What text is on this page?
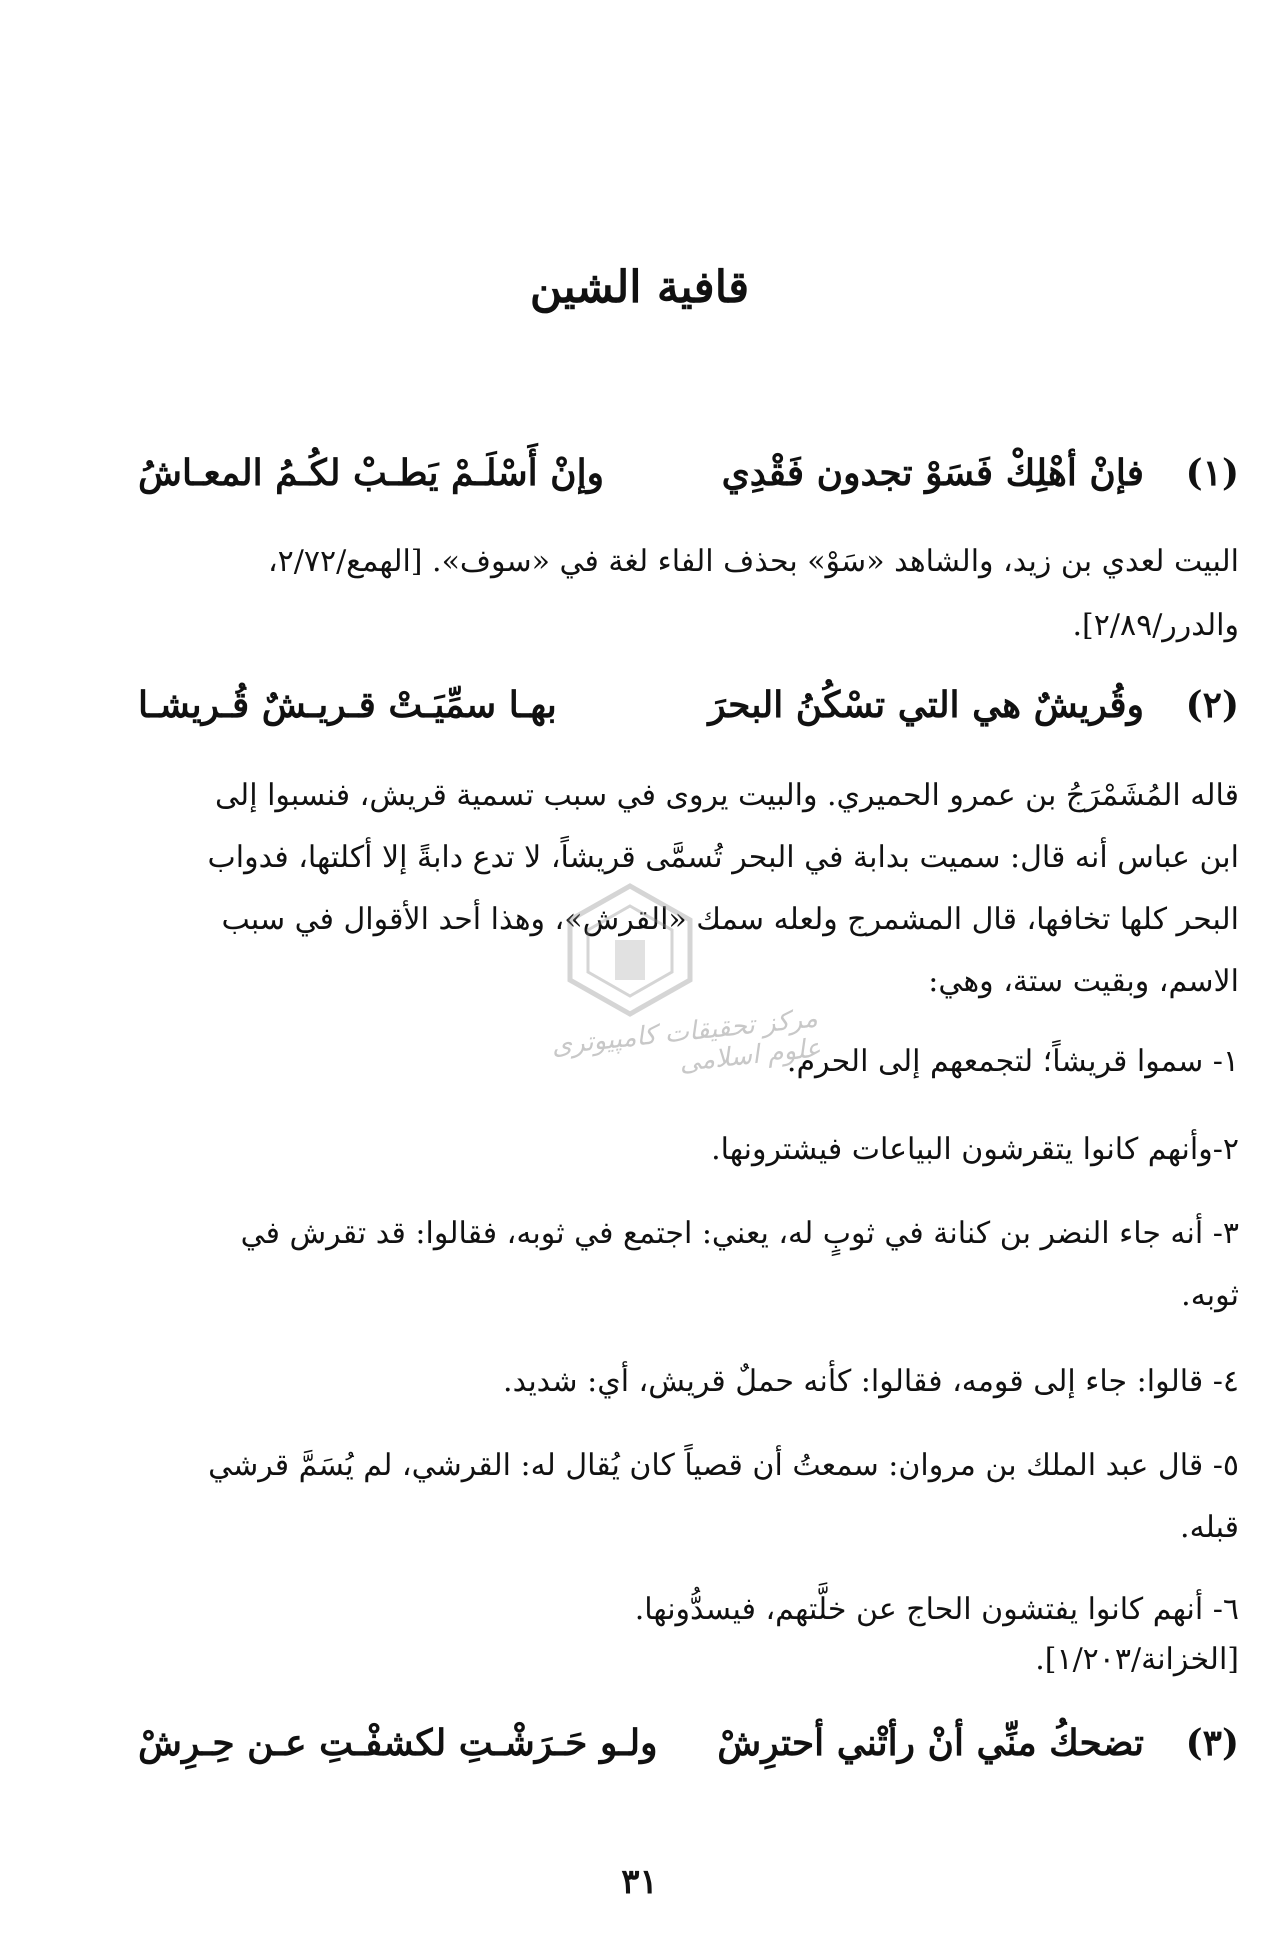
قافية الشين
(١)
فإنْ أهْلِكْ فَسَوْ تجدون فَقْدِي
وإنْ أَسْلَـمْ يَطـبْ لكُـمُ المعـاشُ
البيت لعدي بن زيد، والشاهد «سَوْ» بحذف الفاء لغة في «سوف». [الهمع/٢/٧٢،
والدرر/٢/٨٩].
(٢)
وقُريشٌ هي التي تسْكُنُ البحرَ
بهـا سمِّيَـتْ قـريـشٌ قُـريشـا
قاله المُشَمْرَجُ بن عمرو الحميري. والبيت يروى في سبب تسمية قريش، فنسبوا إلى
ابن عباس أنه قال: سميت بدابة في البحر تُسمَّى قريشاً، لا تدع دابةً إلا أكلتها، فدواب
البحر كلها تخافها، قال المشمرج ولعله سمك «القرش»، وهذا أحد الأقوال في سبب
الاسم، وبقيت ستة، وهي:
مرکز تحقیقات کامپیوتری علوم اسلامی
١- سموا قريشاً؛ لتجمعهم إلى الحرم.
٢-وأنهم كانوا يتقرشون البياعات فيشترونها.
٣- أنه جاء النضر بن كنانة في ثوبٍ له، يعني: اجتمع في ثوبه، فقالوا: قد تقرش في
ثوبه.
٤- قالوا: جاء إلى قومه، فقالوا: كأنه حملٌ قريش، أي: شديد.
٥- قال عبد الملك بن مروان: سمعتُ أن قصياً كان يُقال له: القرشي، لم يُسَمَّ قرشي
قبله.
٦- أنهم كانوا يفتشون الحاج عن خلَّتهم، فيسدُّونها.
[الخزانة/١/٢٠٣].
(٣)
تضحكُ منِّي أنْ رأتْني أحترِشْ
ولـو حَـرَشْـتِ لكشفْـتِ عـن حِـرِشْ
٣١
